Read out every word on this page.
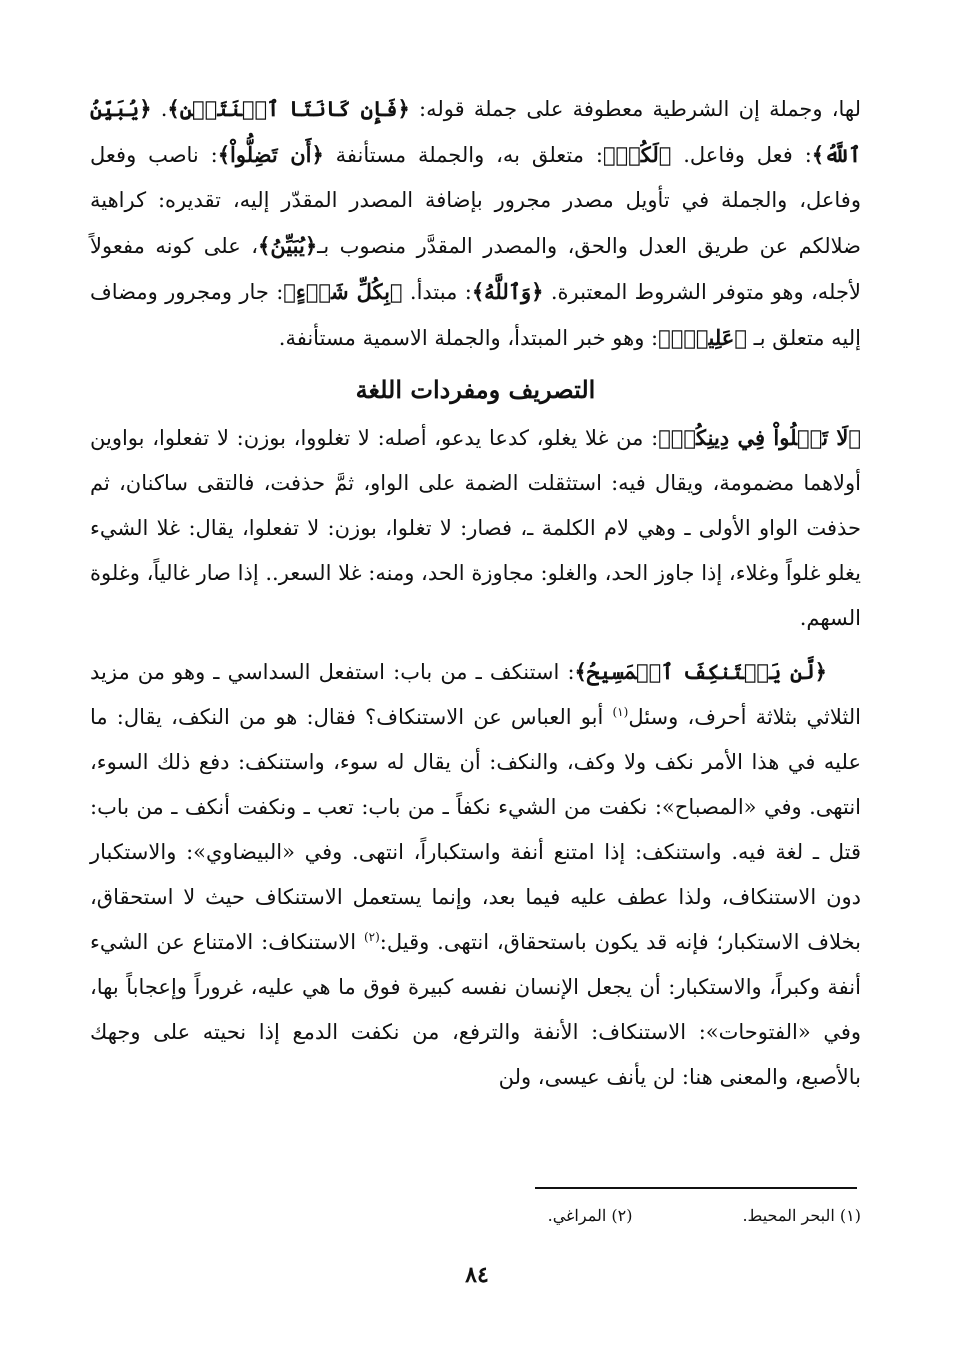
لها، وجملة إن الشرطية معطوفة على جملة قوله: ﴿فَإِن كَانَتَا ٱثۡنَتَيۡنِ﴾. ﴿يُبَيِّنُ ٱللَّهُ﴾: فعل وفاعل. ﴿لَكُمۡ﴾: متعلق به، والجملة مستأنفة ﴿أَن تَضِلُّواْ﴾: ناصب وفعل وفاعل، والجملة في تأويل مصدر مجرور بإضافة المصدر المقدّر إليه، تقديره: كراهية ضلالكم عن طريق العدل والحق، والمصدر المقدَّر منصوب بـ﴿يُبَيِّنُ﴾، على كونه مفعولاً لأجله، وهو متوفر الشروط المعتبرة. ﴿وَٱللَّهُ﴾: مبتدأ. ﴿بِكُلِّ شَيۡءٍ﴾: جار ومجرور ومضاف إليه متعلق بـ ﴿عَلِيمٌۢ﴾: وهو خبر المبتدأ، والجملة الاسمية مستأنفة.

التصريف ومفردات اللغة

﴿لَا تَغۡلُواْ فِي دِينِكُمۡ﴾: من غلا يغلو، كدعا يدعو، أصله: لا تغلووا، بوزن: لا تفعلوا، بواوين أولاهما مضمومة، ويقال فيه: استثقلت الضمة على الواو، ثمَّ حذفت، فالتقى ساكنان، ثم حذفت الواو الأولى ـ وهي لام الكلمة ـ، فصار: لا تغلوا، بوزن: لا تفعلوا، يقال: غلا الشيء يغلو غلواً وغلاء، إذا جاوز الحد، والغلو: مجاوزة الحد، ومنه: غلا السعر.. إذا صار غالياً، وغلوة السهم.

﴿لَّن يَسۡتَنكِفَ ٱلۡمَسِيحُ﴾: استنكف ـ من باب: استفعل السداسي ـ وهو من مزيد الثلاثي بثلاثة أحرف، وسئل$^{(١)}$ أبو العباس عن الاستنكاف؟ فقال: هو من النكف، يقال: ما عليه في هذا الأمر نكف ولا وكف، والنكف: أن يقال له سوء، واستنكف: دفع ذلك السوء، انتهى. وفي «المصباح»: نكفت من الشيء نكفاً ـ من باب: تعب ـ ونكفت أنكف ـ من باب: قتل ـ لغة فيه. واستنكف: إذا امتنع أنفة واستكباراً، انتهى. وفي «البيضاوي»: والاستكبار دون الاستنكاف، ولذا عطف عليه فيما بعد، وإنما يستعمل الاستنكاف حيث لا استحقاق، بخلاف الاستكبار؛ فإنه قد يكون باستحقاق، انتهى. وقيل:$^{(٢)}$ الاستنكاف: الامتناع عن الشيء أنفة وكبراً، والاستكبار: أن يجعل الإنسان نفسه كبيرة فوق ما هي عليه، غروراً وإعجاباً بها، وفي «الفتوحات»: الاستنكاف: الأنفة والترفع، من نكفت الدمع إذا نحيته على وجهك بالأصبع، والمعنى هنا: لن يأنف عيسى، ولن

(١) البحر المحيط.
(٢) المراغي.
٨٤
